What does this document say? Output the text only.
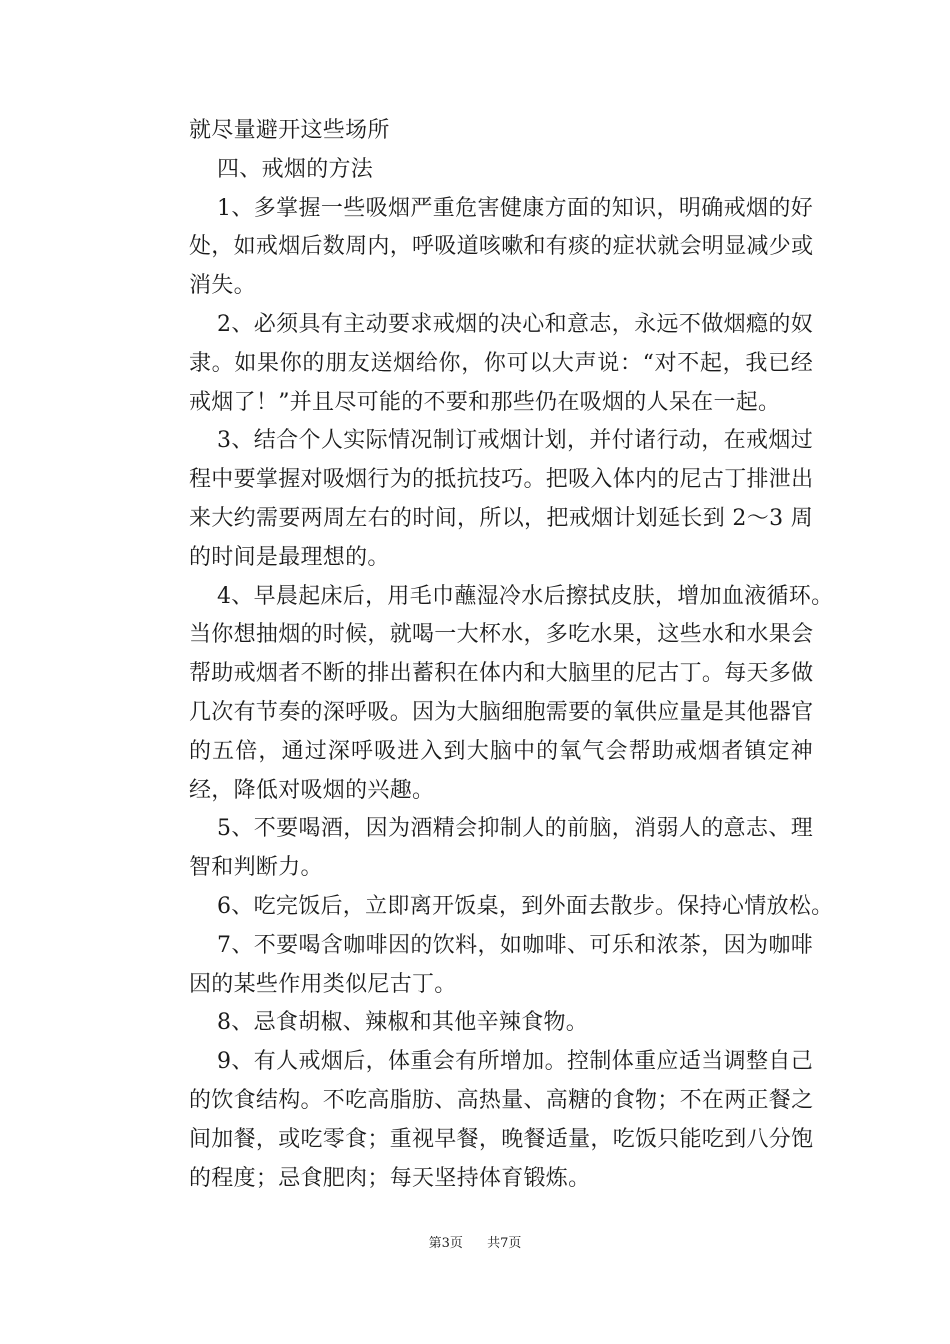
就尽量避开这些场所
四、戒烟的方法
1、多掌握一些吸烟严重危害健康方面的知识，明确戒烟的好
处，如戒烟后数周内，呼吸道咳嗽和有痰的症状就会明显减少或
消失。
2、必须具有主动要求戒烟的决心和意志，永远不做烟瘾的奴
隶。如果你的朋友送烟给你，你可以大声说：“对不起，我已经
戒烟了！”并且尽可能的不要和那些仍在吸烟的人呆在一起。
3、结合个人实际情况制订戒烟计划，并付诸行动，在戒烟过
程中要掌握对吸烟行为的抵抗技巧。把吸入体内的尼古丁排泄出
来大约需要两周左右的时间，所以，把戒烟计划延长到 2～3 周
的时间是最理想的。
4、早晨起床后，用毛巾蘸湿冷水后擦拭皮肤，增加血液循环。
当你想抽烟的时候，就喝一大杯水，多吃水果，这些水和水果会
帮助戒烟者不断的排出蓄积在体内和大脑里的尼古丁。每天多做
几次有节奏的深呼吸。因为大脑细胞需要的氧供应量是其他器官
的五倍，通过深呼吸进入到大脑中的氧气会帮助戒烟者镇定神
经，降低对吸烟的兴趣。
5、不要喝酒，因为酒精会抑制人的前脑，消弱人的意志、理
智和判断力。
6、吃完饭后，立即离开饭桌，到外面去散步。保持心情放松。
7、不要喝含咖啡因的饮料，如咖啡、可乐和浓茶，因为咖啡
因的某些作用类似尼古丁。
8、忌食胡椒、辣椒和其他辛辣食物。
9、有人戒烟后，体重会有所增加。控制体重应适当调整自己
的饮食结构。不吃高脂肪、高热量、高糖的食物；不在两正餐之
间加餐，或吃零食；重视早餐，晚餐适量，吃饭只能吃到八分饱
的程度；忌食肥肉；每天坚持体育锻炼。
第3页 共7页
